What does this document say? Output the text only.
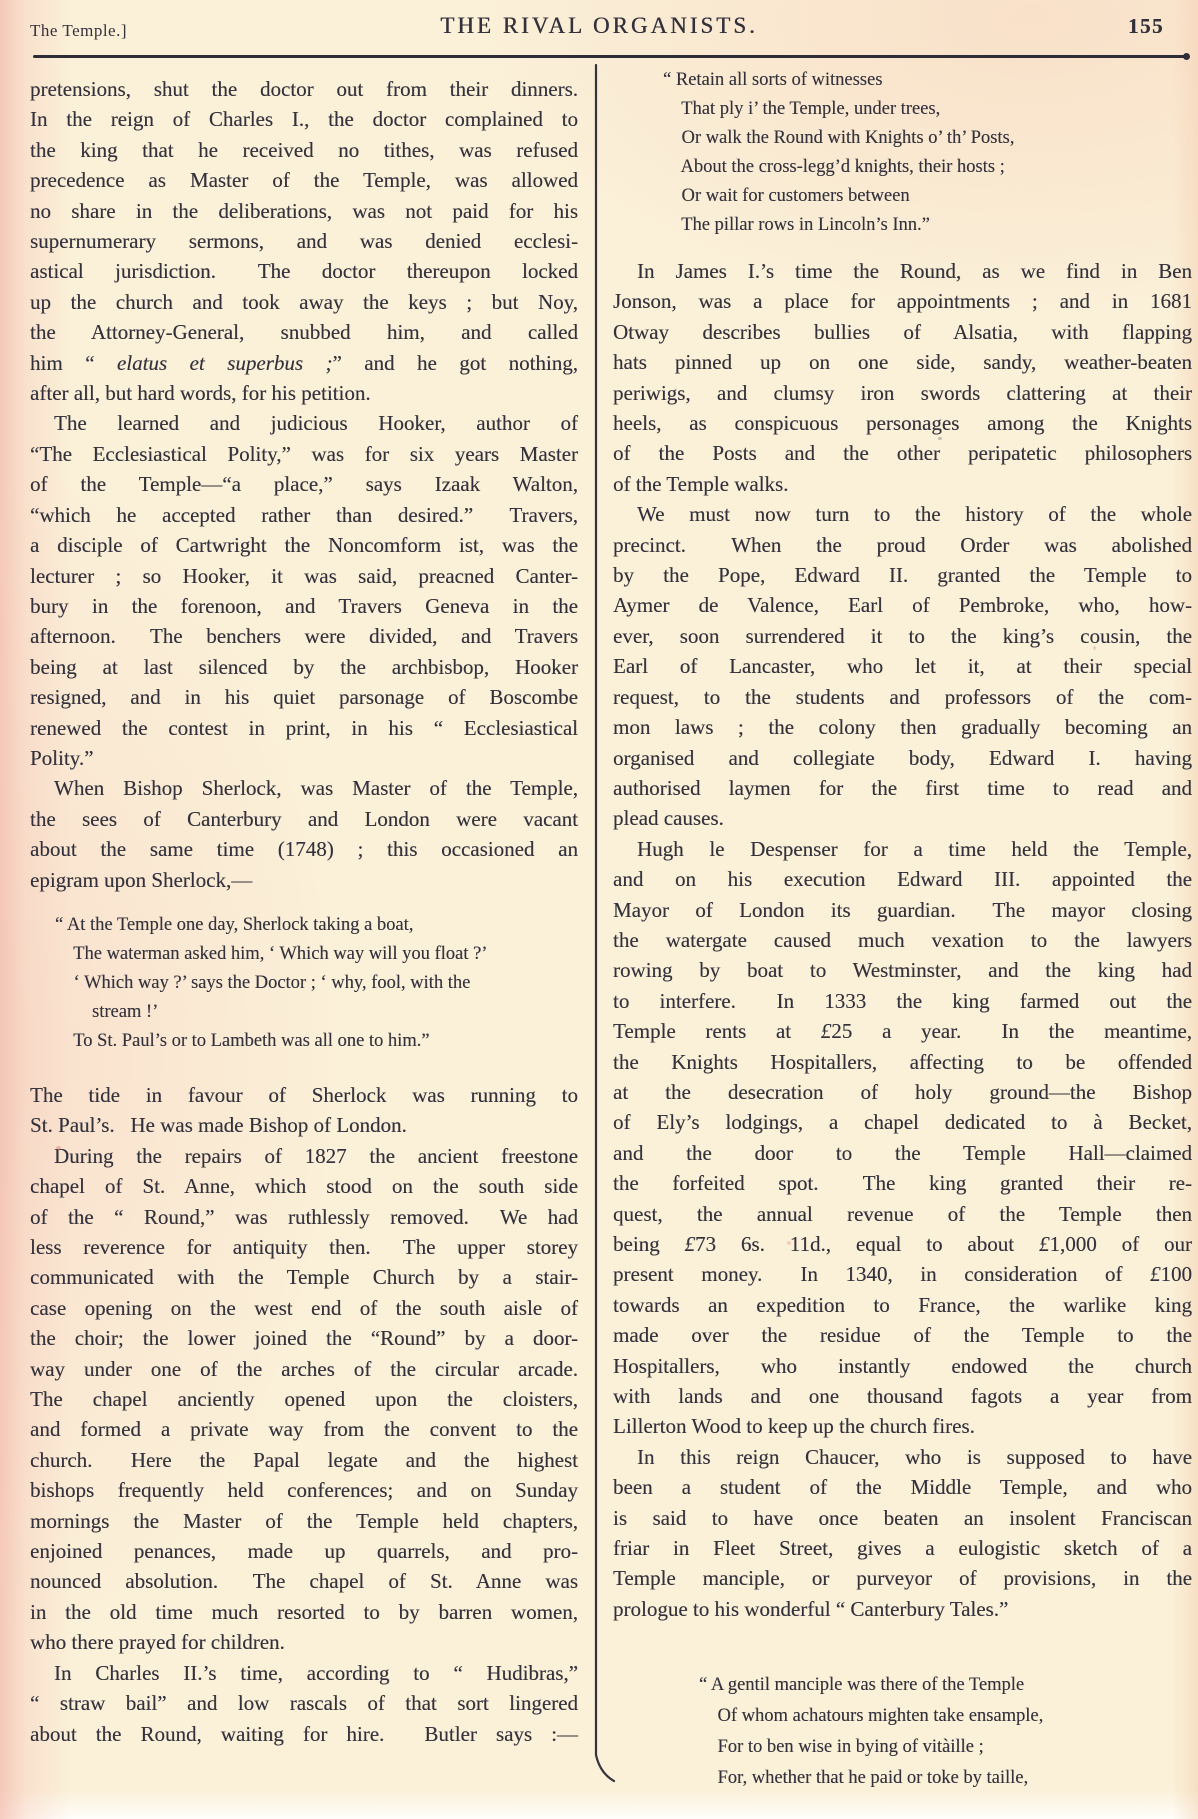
The Temple.]	THE RIVAL ORGANISTS.	155
pretensions, shut the doctor out from their dinners.
In the reign of Charles I., the doctor complained to
the king that he received no tithes, was refused
precedence as Master of the Temple, was allowed
no share in the deliberations, was not paid for his
supernumerary sermons, and was denied ecclesi-
astical jurisdiction.  The doctor thereupon locked
up the church and took away the keys ; but Noy,
the Attorney-General, snubbed him, and called
him “ elatus et superbus ;” and he got nothing,
after all, but hard words, for his petition.
The learned and judicious Hooker, author of
“The Ecclesiastical Polity,” was for six years Master
of the Temple—“a place,” says Izaak Walton,
“which he accepted rather than desired.”  Travers,
a disciple of Cartwright the Noncomform ist, was the
lecturer ; so Hooker, it was said, preacned Canter-
bury in the forenoon, and Travers Geneva in the
afternoon.  The benchers were divided, and Travers
being at last silenced by the archbisbop, Hooker
resigned, and in his quiet parsonage of Boscombe
renewed the contest in print, in his “ Ecclesiastical
Polity.”
When Bishop Sherlock, was Master of the Temple,
the sees of Canterbury and London were vacant
about the same time (1748) ; this occasioned an
epigram upon Sherlock,—
“ At the Temple one day, Sherlock taking a boat,
The waterman asked him, ‘ Which way will you float ?’
‘ Which way ?’ says the Doctor ; ‘ why, fool, with the
stream !’
To St. Paul’s or to Lambeth was all one to him.”
The tide in favour of Sherlock was running to
St. Paul’s.  He was made Bishop of London.
During the repairs of 1827 the ancient freestone
chapel of St. Anne, which stood on the south side
of the “ Round,” was ruthlessly removed.  We had
less reverence for antiquity then.  The upper storey
communicated with the Temple Church by a stair-
case opening on the west end of the south aisle of
the choir; the lower joined the “Round” by a door-
way under one of the arches of the circular arcade.
The chapel anciently opened upon the cloisters,
and formed a private way from the convent to the
church.  Here the Papal legate and the highest
bishops frequently held conferences; and on Sunday
mornings the Master of the Temple held chapters,
enjoined penances, made up quarrels, and pro-
nounced absolution.  The chapel of St. Anne was
in the old time much resorted to by barren women,
who there prayed for children.
In Charles II.’s time, according to “ Hudibras,”
“ straw bail” and low rascals of that sort lingered
about the Round, waiting for hire.  Butler says :—
“ Retain all sorts of witnesses
That ply i’ the Temple, under trees,
Or walk the Round with Knights o’ th’ Posts,
About the cross-legg’d knights, their hosts ;
Or wait for customers between
The pillar rows in Lincoln’s Inn.”
In James I.’s time the Round, as we find in Ben
Jonson, was a place for appointments ; and in 1681
Otway describes bullies of Alsatia, with flapping
hats pinned up on one side, sandy, weather-beaten
periwigs, and clumsy iron swords clattering at their
heels, as conspicuous personages among the Knights
of the Posts and the other peripatetic philosophers
of the Temple walks.
We must now turn to the history of the whole
precinct.  When the proud Order was abolished
by the Pope, Edward II. granted the Temple to
Aymer de Valence, Earl of Pembroke, who, how-
ever, soon surrendered it to the king’s cousin, the
Earl of Lancaster, who let it, at their special
request, to the students and professors of the com-
mon laws ; the colony then gradually becoming an
organised and collegiate body, Edward I. having
authorised laymen for the first time to read and
plead causes.
Hugh le Despenser for a time held the Temple,
and on his execution Edward III. appointed the
Mayor of London its guardian.  The mayor closing
the watergate caused much vexation to the lawyers
rowing by boat to Westminster, and the king had
to interfere.  In 1333 the king farmed out the
Temple rents at £25 a year.  In the meantime,
the Knights Hospitallers, affecting to be offended
at the desecration of holy ground—the Bishop
of Ely’s lodgings, a chapel dedicated to à Becket,
and the door to the Temple Hall—claimed
the forfeited spot.  The king granted their re-
quest, the annual revenue of the Temple then
being £73 6s. 11d., equal to about £1,000 of our
present money.  In 1340, in consideration of £100
towards an expedition to France, the warlike king
made over the residue of the Temple to the
Hospitallers, who instantly endowed the church
with lands and one thousand fagots a year from
Lillerton Wood to keep up the church fires.
In this reign Chaucer, who is supposed to have
been a student of the Middle Temple, and who
is said to have once beaten an insolent Franciscan
friar in Fleet Street, gives a eulogistic sketch of a
Temple manciple, or purveyor of provisions, in the
prologue to his wonderful “ Canterbury Tales.”
“ A gentil manciple was there of the Temple
Of whom achatours mighten take ensample,
For to ben wise in bying of vitàille ;
For, whether that he paid or toke by taille,
